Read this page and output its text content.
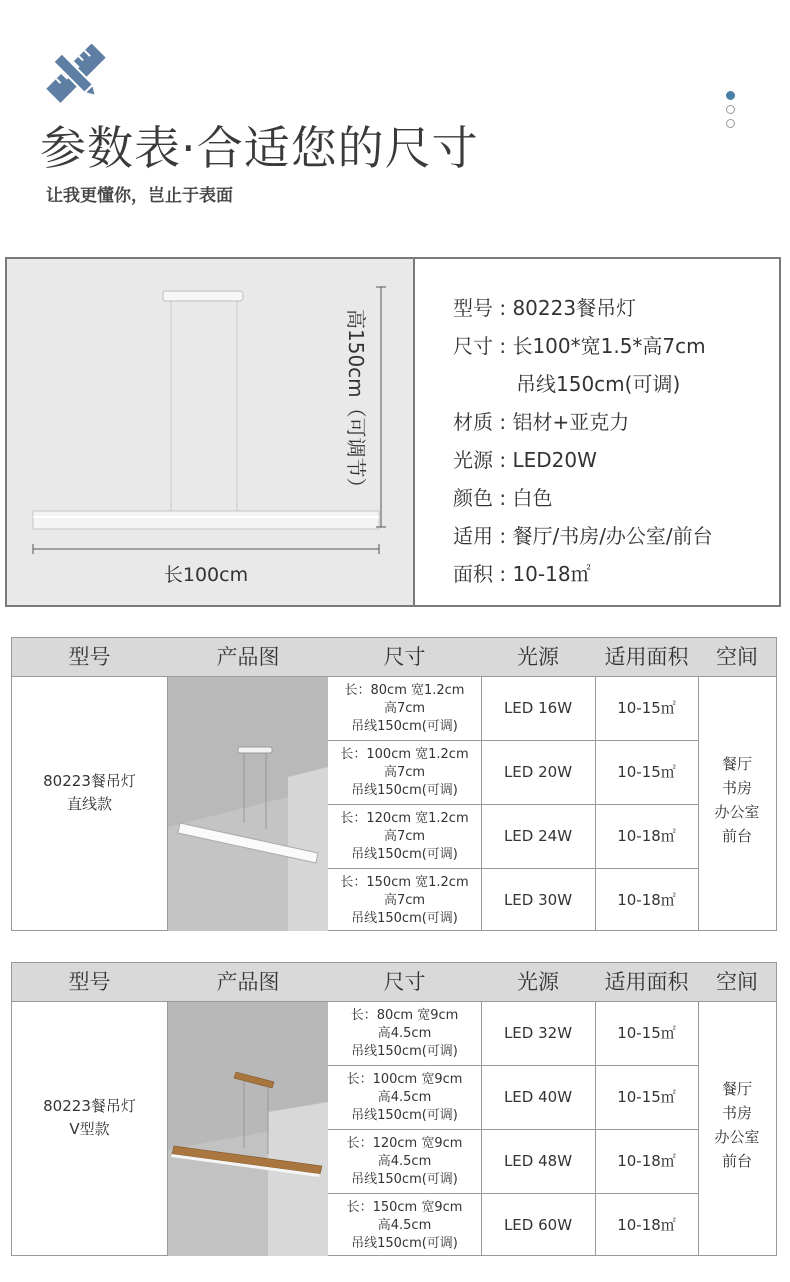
参数表·合适您的尺寸
让我更懂你，岂止于表面
高150cm（可调节）
长100cm
型号 : 80223餐吊灯
尺寸 : 长100*宽1.5*高7cm
吊线150cm(可调)
材质 : 铝材+亚克力
光源 : LED20W
颜色 : 白色
适用 : 餐厅/书房/办公室/前台
面积 : 10-18㎡
型号	产品图	尺寸	光源	适用面积	空间
80223餐吊灯
直线款
长：80cm 宽1.2cm
高7cm
吊线150cm(可调)
LED 16W	10-15㎡
长：100cm 宽1.2cm
高7cm
吊线150cm(可调)
LED 20W	10-15㎡
长：120cm 宽1.2cm
高7cm
吊线150cm(可调)
LED 24W	10-18㎡
长：150cm 宽1.2cm
高7cm
吊线150cm(可调)
LED 30W	10-18㎡
餐厅
书房
办公室
前台
型号	产品图	尺寸	光源	适用面积	空间
80223餐吊灯
V型款
长：80cm 宽9cm
高4.5cm
吊线150cm(可调)
LED 32W	10-15㎡
长：100cm 宽9cm
高4.5cm
吊线150cm(可调)
LED 40W	10-15㎡
长：120cm 宽9cm
高4.5cm
吊线150cm(可调)
LED 48W	10-18㎡
长：150cm 宽9cm
高4.5cm
吊线150cm(可调)
LED 60W	10-18㎡
餐厅
书房
办公室
前台
